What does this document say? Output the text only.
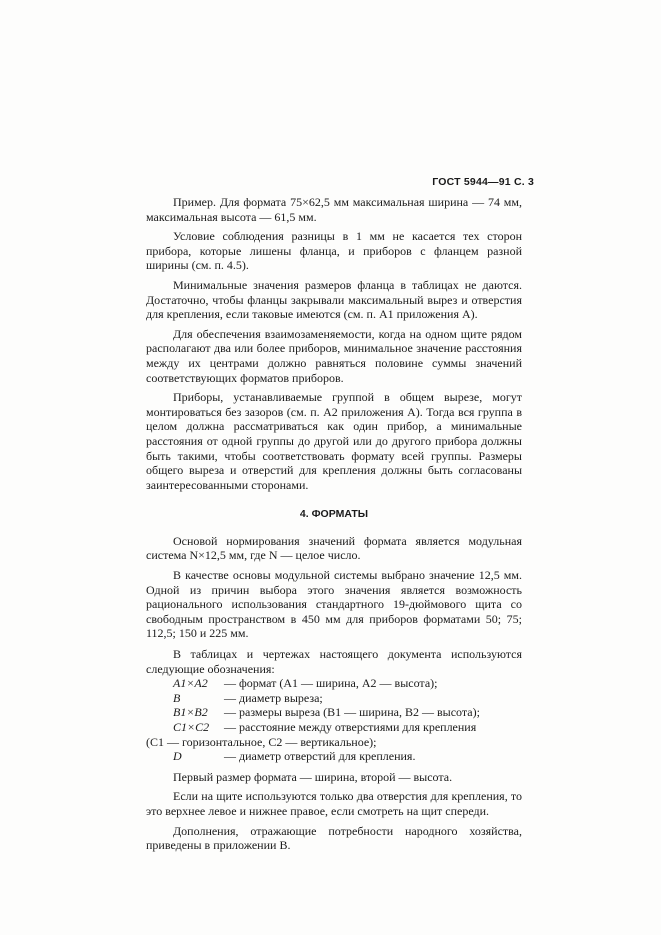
ГОСТ 5944—91 С. 3

Пример. Для формата 75×62,5 мм максимальная ширина — 74 мм, максимальная высота — 61,5 мм.

Условие соблюдения разницы в 1 мм не касается тех сторон прибора, которые лишены фланца, и приборов с фланцем разной ширины (см. п. 4.5).

Минимальные значения размеров фланца в таблицах не даются. Достаточно, чтобы фланцы закрывали максимальный вырез и отверстия для крепления, если таковые имеются (см. п. А1 приложения А).

Для обеспечения взаимозаменяемости, когда на одном щите рядом располагают два или более приборов, минимальное значение расстояния между их центрами должно равняться половине суммы значений соответствующих форматов приборов.

Приборы, устанавливаемые группой в общем вырезе, могут монтироваться без зазоров (см. п. А2 приложения А). Тогда вся группа в целом должна рассматриваться как один прибор, а минимальные расстояния от одной группы до другой или до другого прибора должны быть такими, чтобы соответствовать формату всей группы. Размеры общего выреза и отверстий для крепления должны быть согласованы заинтересованными сторонами.

4. ФОРМАТЫ

Основой нормирования значений формата является модульная система N×12,5 мм, где N — целое число.

В качестве основы модульной системы выбрано значение 12,5 мм. Одной из причин выбора этого значения является возможность рационального использования стандартного 19-дюймового щита со свободным пространством в 450 мм для приборов форматами 50; 75; 112,5; 150 и 225 мм.

В таблицах и чертежах настоящего документа используются следующие обозначения:

A1×A2	— формат (A1 — ширина, A2 — высота);
B	— диаметр выреза;
B1×B2	— размеры выреза (B1 — ширина, B2 — высота);
C1×C2	— расстояние между отверстиями для крепления
(C1 — горизонтальное, C2 — вертикальное);
D	— диаметр отверстий для крепления.

Первый размер формата — ширина, второй — высота.

Если на щите используются только два отверстия для крепления, то это верхнее левое и нижнее правое, если смотреть на щит спереди.

Дополнения, отражающие потребности народного хозяйства, приведены в приложении В.
